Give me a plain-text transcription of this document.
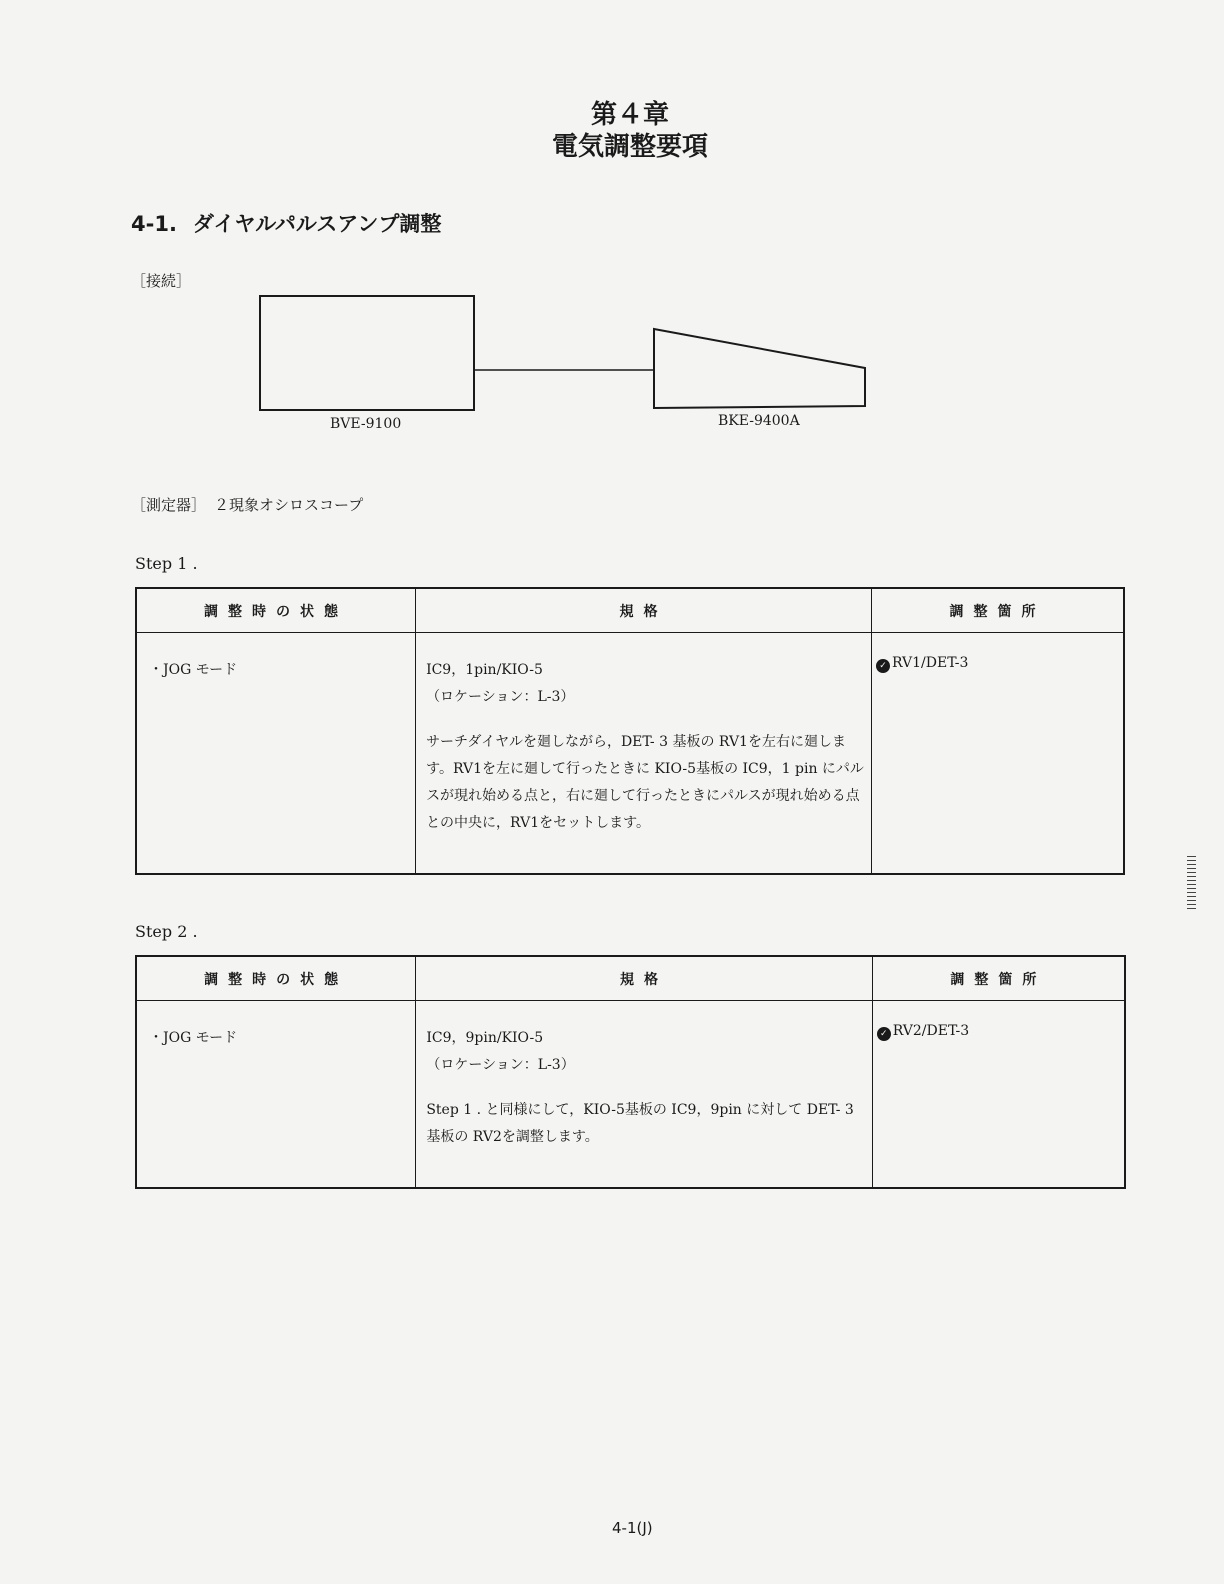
第４章
電気調整要項
4-1. ダイヤルパルスアンプ調整
［接続］
BVE-9100	BKE-9400A
［測定器］ ２現象オシロスコープ
Step 1 .
調整時の状態	規格	調整箇所

・JOG モード	IC9，1pin/KIO-5
（ロケーション：L-3）
サーチダイヤルを廻しながら，DET- 3 基板の RV1を左右に廻します。RV1を左に廻して行ったときに KIO-5基板の IC9，1 pin にパルスが現れ始める点と，右に廻して行ったときにパルスが現れ始める点との中央に，RV1をセットします。	✓ RV1/DET-3
Step 2 .
調整時の状態	規格	調整箇所

・JOG モード	IC9，9pin/KIO-5
（ロケーション：L-3）
Step 1 . と同様にして，KIO-5基板の IC9，9pin に対して DET- 3基板の RV2を調整します。	✓ RV2/DET-3
4-1(J)
